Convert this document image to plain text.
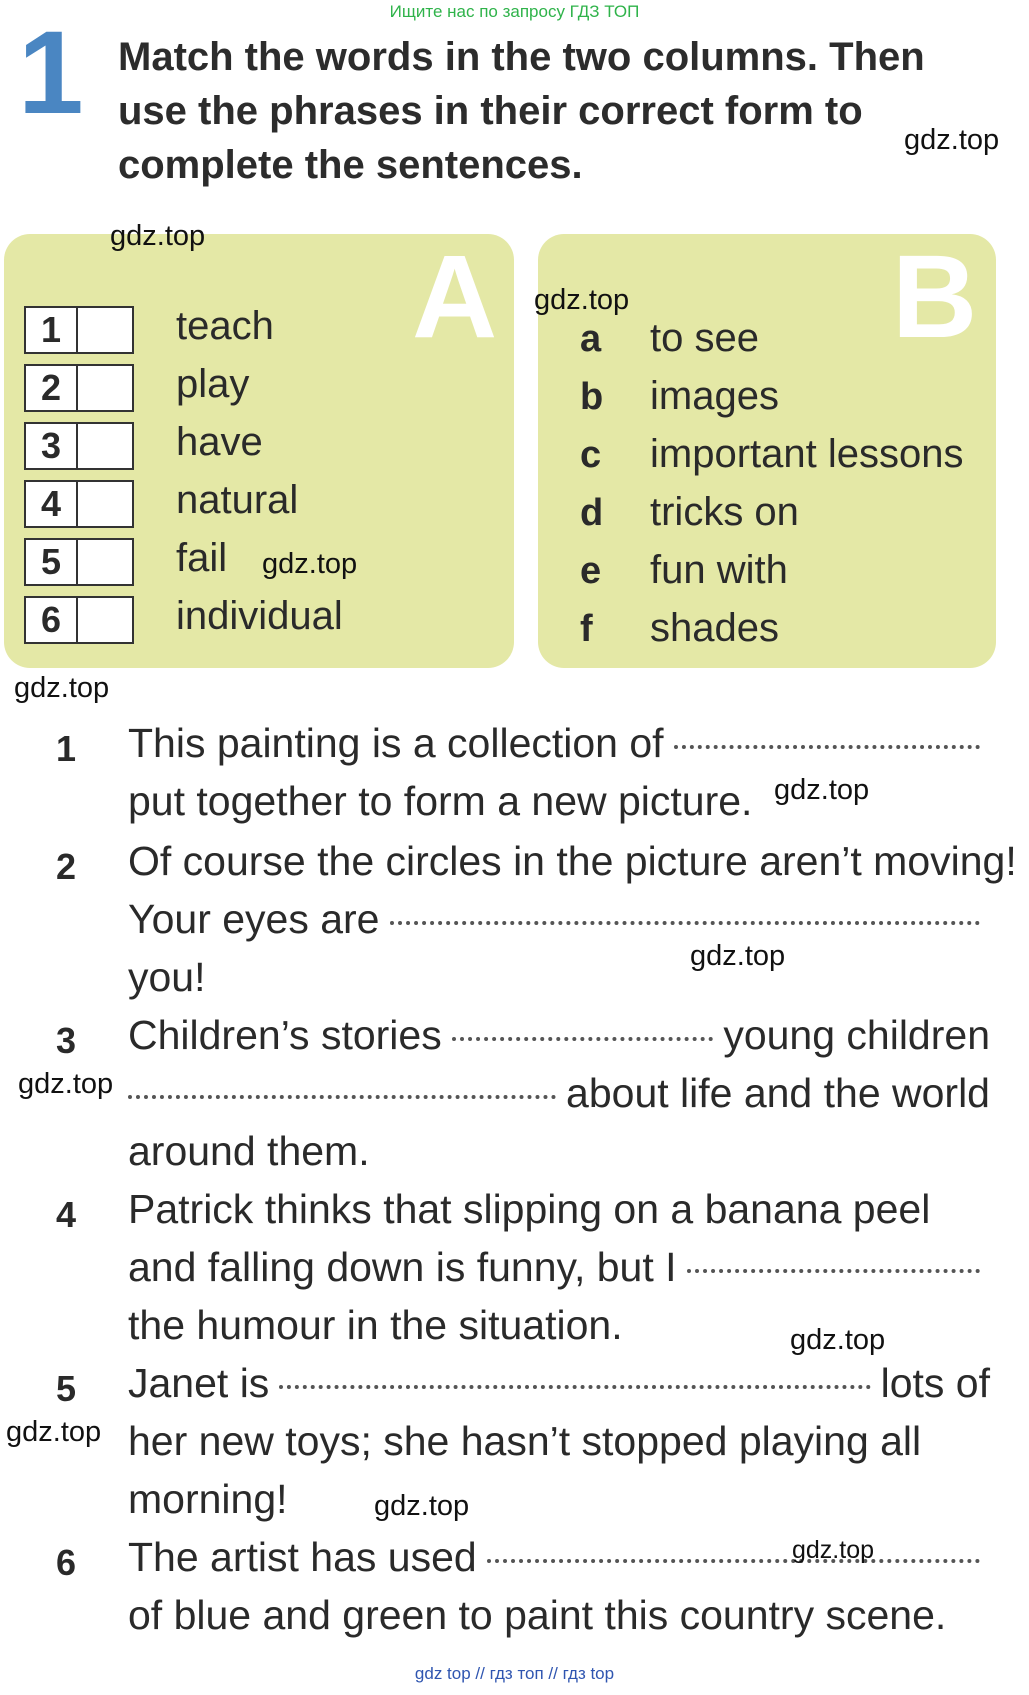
Ищите нас по запросу ГДЗ ТОП
1 Match the words in the two columns. Then
use the phrases in their correct form to
complete the sentences.
A
1	teach
2	play
3	have
4	natural
5	fail
6	individual
B
a to see
b images
c important lessons
d tricks on
e fun with
f shades
1 This painting is a collection of
put together to form a new picture.
2 Of course the circles in the picture aren’t moving!
Your eyes are
you!
3 Children’s stories	young children
about life and the world
around them.
4 Patrick thinks that slipping on a banana peel
and falling down is funny, but I
the humour in the situation.
5 Janet is	lots of
her new toys; she hasn’t stopped playing all
morning!
6 The artist has used
of blue and green to paint this country scene.
gdz.top
gdz.top
gdz.top
gdz.top
gdz.top
gdz.top
gdz.top
gdz.top
gdz.top
gdz.top
gdz.top
gdz.top
gdz top // гдз топ // гдз top
